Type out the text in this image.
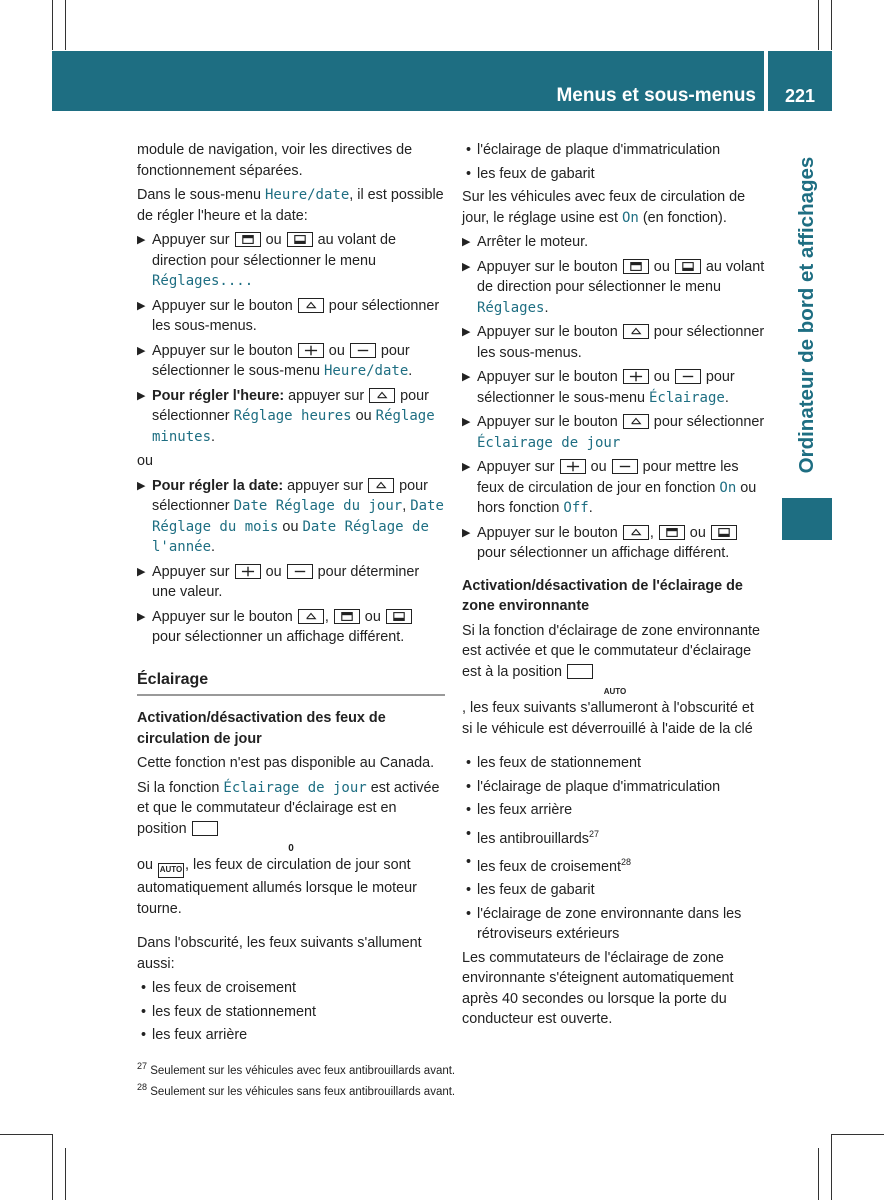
Menus et sous-menus	221
Ordinateur de bord et affichages

module de navigation, voir les directives de fonctionnement séparées.

Dans le sous-menu Heure/date, il est possible de régler l'heure et la date:

▶ Appuyer sur
ou
au volant de direction pour sélectionner le menu Réglages....
▶ Appuyer sur le bouton
pour sélectionner les sous-menus.
▶ Appuyer sur le bouton
ou
pour sélectionner le sous-menu Heure/date.
▶ Pour régler l'heure: appuyer sur
pour sélectionner Réglage heures ou Réglage minutes.

ou

▶ Pour régler la date: appuyer sur
pour sélectionner Date Réglage du jour, Date Réglage du mois ou Date Réglage de l'année.
▶ Appuyer sur
ou
pour déterminer une valeur.
▶ Appuyer sur le bouton
,
ou
pour sélectionner un affichage différent.
Éclairage
Activation/désactivation des feux de circulation de jour

Cette fonction n'est pas disponible au Canada.

Si la fonction Éclairage de jour est activée et que le commutateur d'éclairage est en position

0
ou AUTO , les feux de circulation de jour sont automatiquement allumés lorsque le moteur tourne.

Dans l'obscurité, les feux suivants s'allument aussi:

• les feux de croisement
• les feux de stationnement
• les feux arrière
• l'éclairage de plaque d'immatriculation
• les feux de gabarit

Sur les véhicules avec feux de circulation de jour, le réglage usine est On (en fonction).

▶ Arrêter le moteur.
▶ Appuyer sur le bouton
ou
au volant de direction pour sélectionner le menu Réglages.
▶ Appuyer sur le bouton
pour sélectionner les sous-menus.
▶ Appuyer sur le bouton
ou
pour sélectionner le sous-menu Éclairage.
▶ Appuyer sur le bouton
pour sélectionner Éclairage de jour
▶ Appuyer sur
ou
pour mettre les feux de circulation de jour en fonction On ou hors fonction Off.
▶ Appuyer sur le bouton
,
ou
pour sélectionner un affichage différent.
Activation/désactivation de l'éclairage de zone environnante

Si la fonction d'éclairage de zone environnante est activée et que le commutateur d'éclairage est à la position

AUTO
, les feux suivants s'allumeront à l'obscurité et si le véhicule est déverrouillé à l'aide de la clé

• les feux de stationnement
• l'éclairage de plaque d'immatriculation
• les feux arrière
• les antibrouillards$^{27}$
• les feux de croisement$^{28}$
• les feux de gabarit
• l'éclairage de zone environnante dans les rétroviseurs extérieurs

Les commutateurs de l'éclairage de zone environnante s'éteignent automatiquement après 40 secondes ou lorsque la porte du conducteur est ouverte.

$^{27}$ Seulement sur les véhicules avec feux antibrouillards avant.
$^{28}$ Seulement sur les véhicules sans feux antibrouillards avant.
